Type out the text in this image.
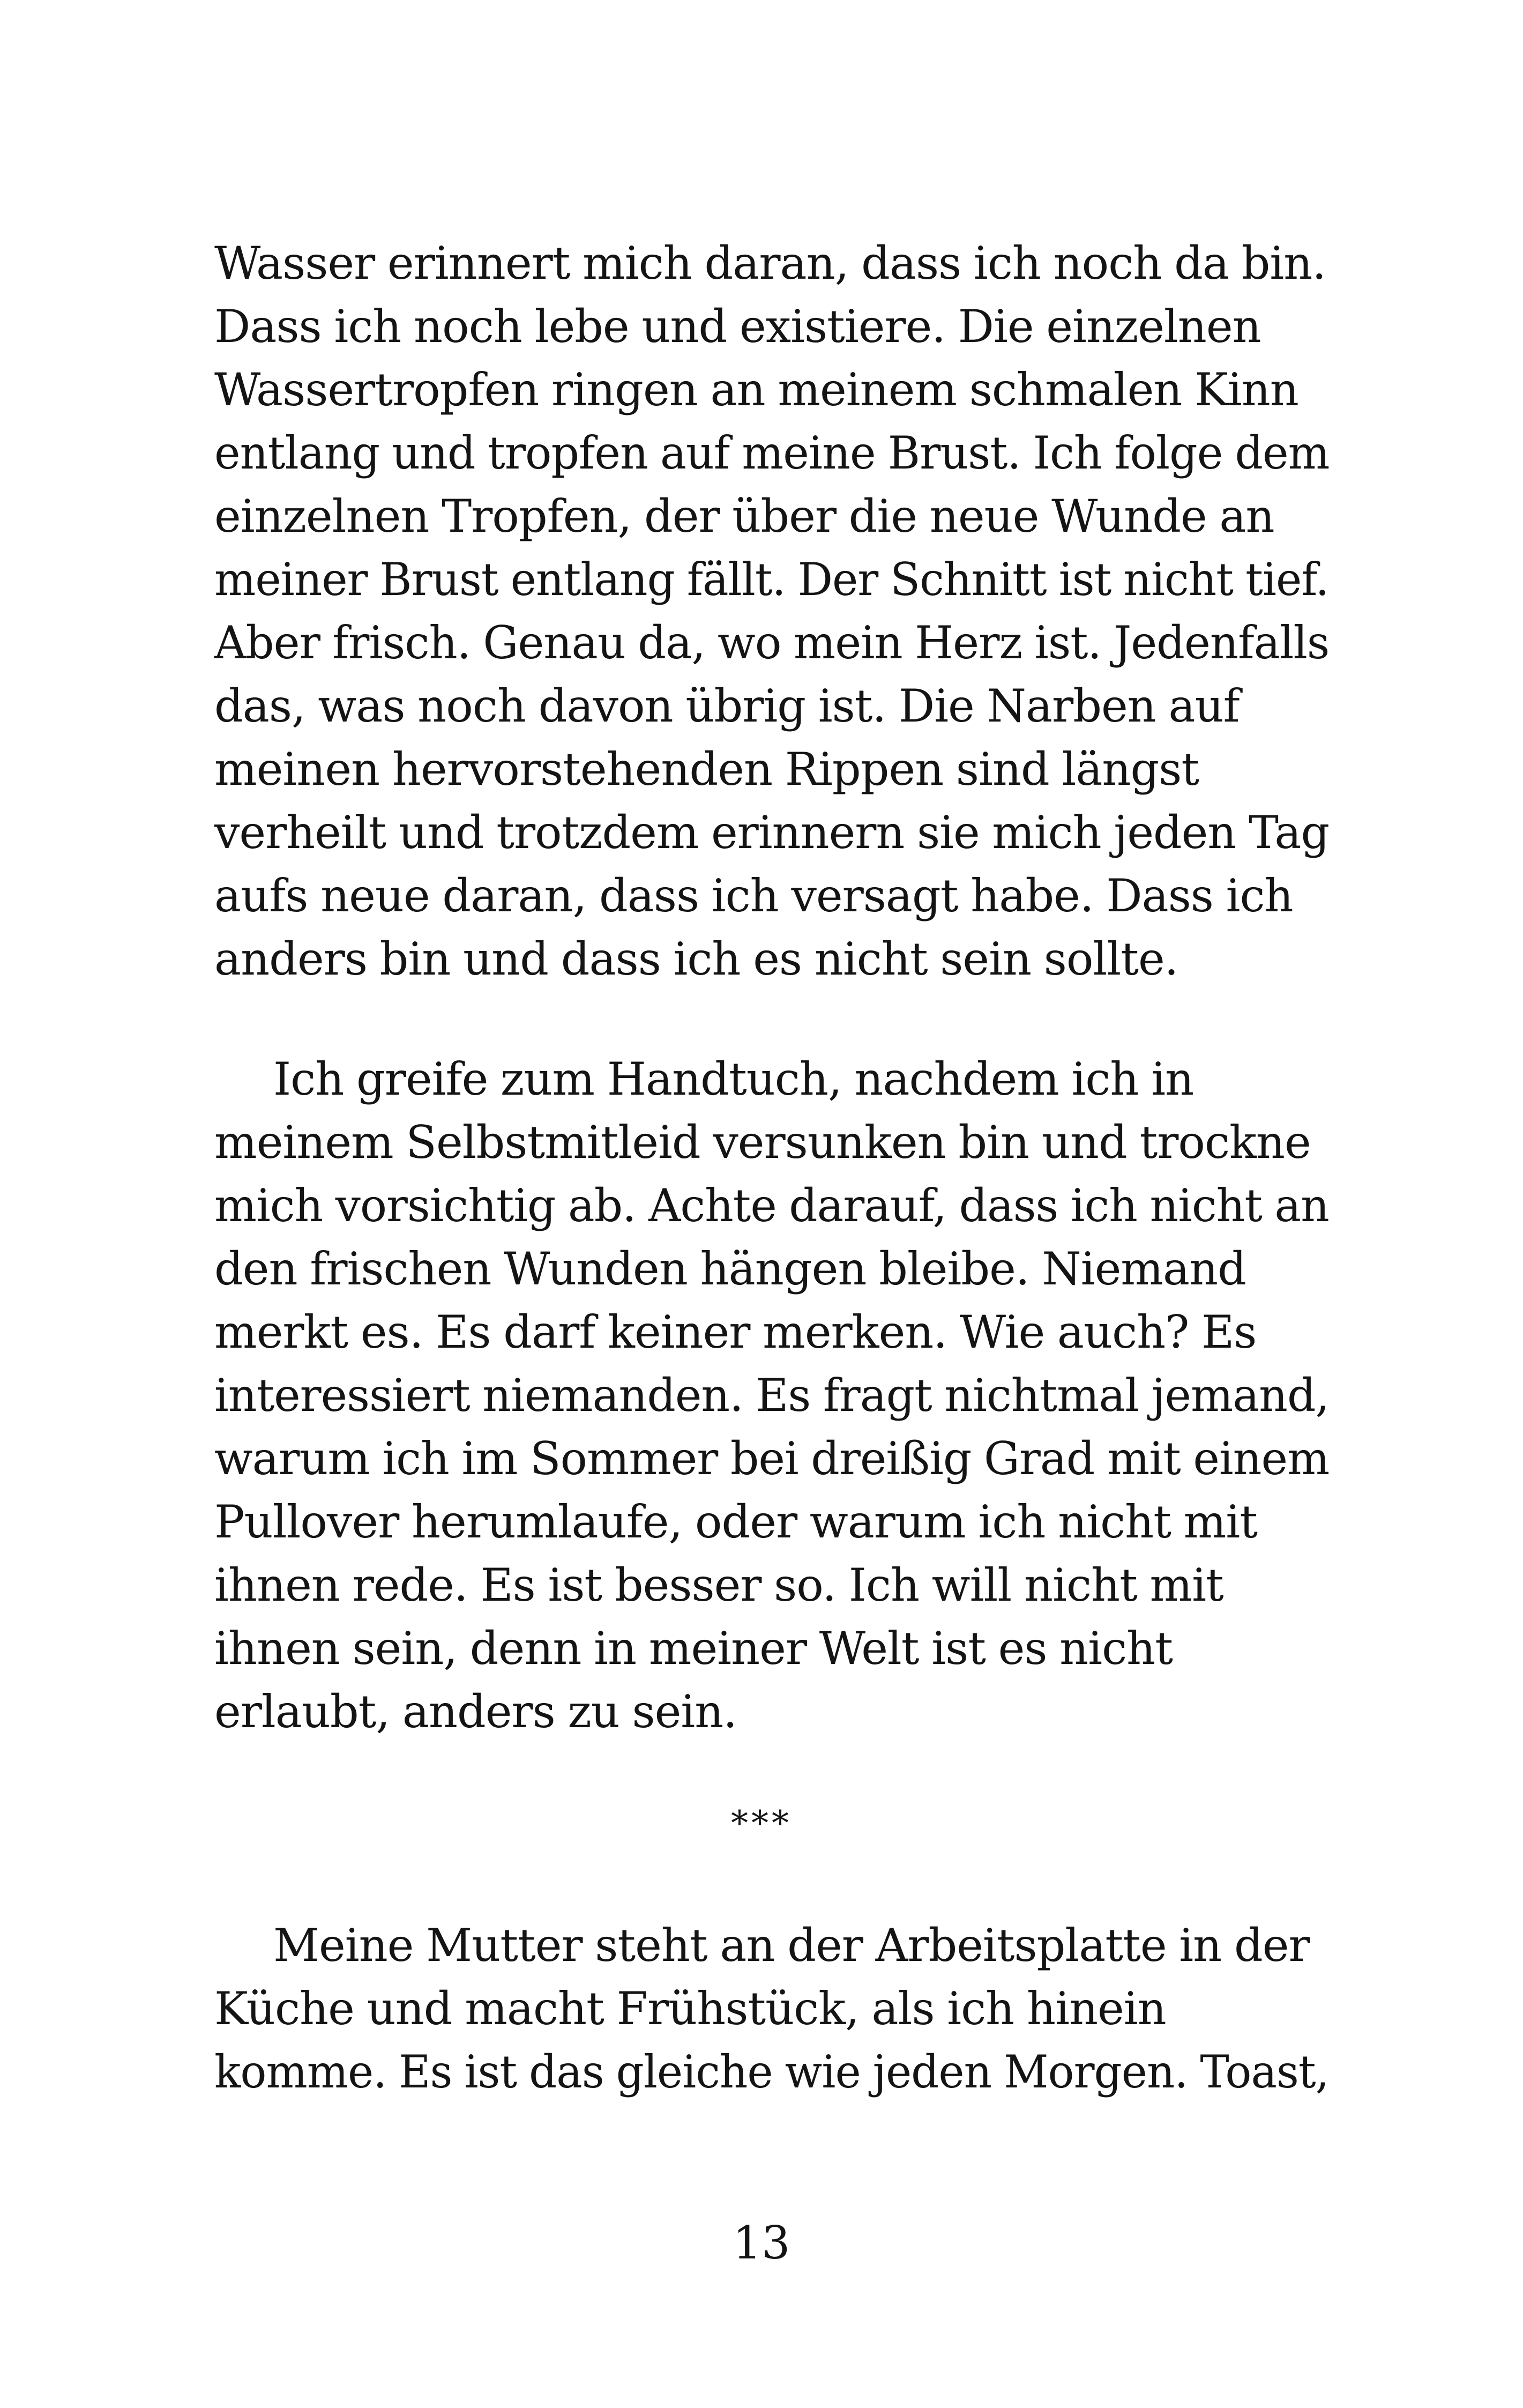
Wasser erinnert mich daran, dass ich noch da bin.
Dass ich noch lebe und existiere. Die einzelnen
Wassertropfen ringen an meinem schmalen Kinn
entlang und tropfen auf meine Brust. Ich folge dem
einzelnen Tropfen, der über die neue Wunde an
meiner Brust entlang fällt. Der Schnitt ist nicht tief.
Aber frisch. Genau da, wo mein Herz ist. Jedenfalls
das, was noch davon übrig ist. Die Narben auf
meinen hervorstehenden Rippen sind längst
verheilt und trotzdem erinnern sie mich jeden Tag
aufs neue daran, dass ich versagt habe. Dass ich
anders bin und dass ich es nicht sein sollte.

Ich greife zum Handtuch, nachdem ich in
meinem Selbstmitleid versunken bin und trockne
mich vorsichtig ab. Achte darauf, dass ich nicht an
den frischen Wunden hängen bleibe. Niemand
merkt es. Es darf keiner merken. Wie auch? Es
interessiert niemanden. Es fragt nichtmal jemand,
warum ich im Sommer bei dreißig Grad mit einem
Pullover herumlaufe, oder warum ich nicht mit
ihnen rede. Es ist besser so. Ich will nicht mit
ihnen sein, denn in meiner Welt ist es nicht
erlaubt, anders zu sein.

***

Meine Mutter steht an der Arbeitsplatte in der
Küche und macht Frühstück, als ich hinein
komme. Es ist das gleiche wie jeden Morgen. Toast,

13
